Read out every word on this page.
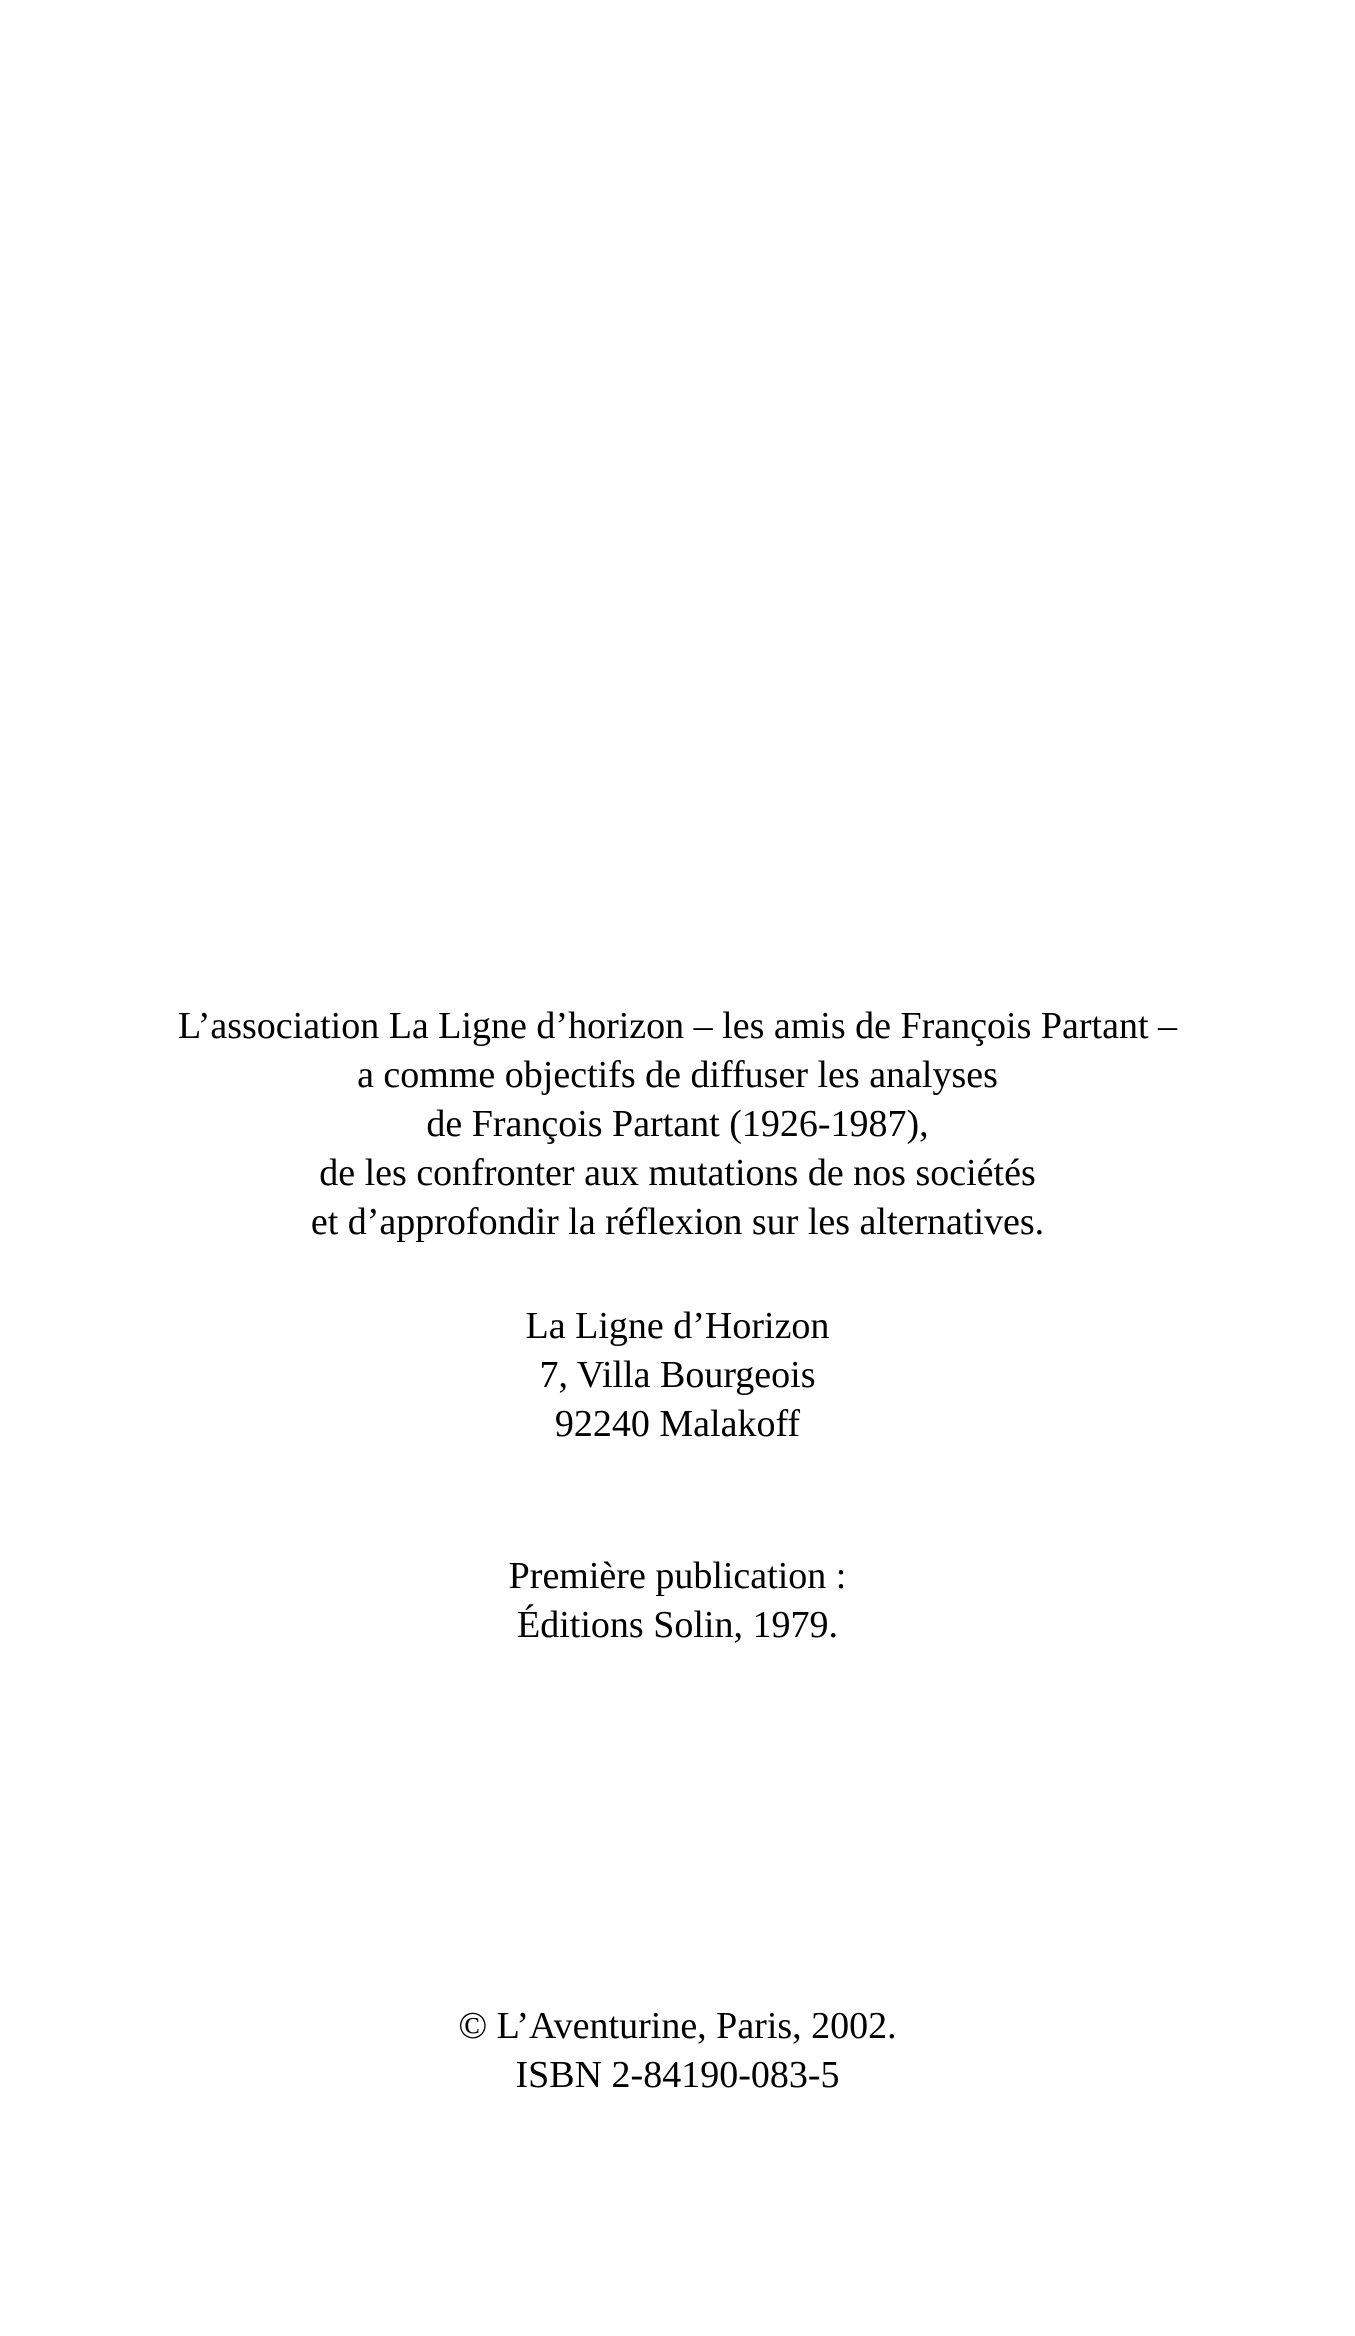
L’association La Ligne d’horizon – les amis de François Partant –
a comme objectifs de diffuser les analyses
de François Partant (1926-1987),
de les confronter aux mutations de nos sociétés
et d’approfondir la réflexion sur les alternatives.
La Ligne d’Horizon
7, Villa Bourgeois
92240 Malakoff
Première publication :
Éditions Solin, 1979.
© L’Aventurine, Paris, 2002.
ISBN 2-84190-083-5
